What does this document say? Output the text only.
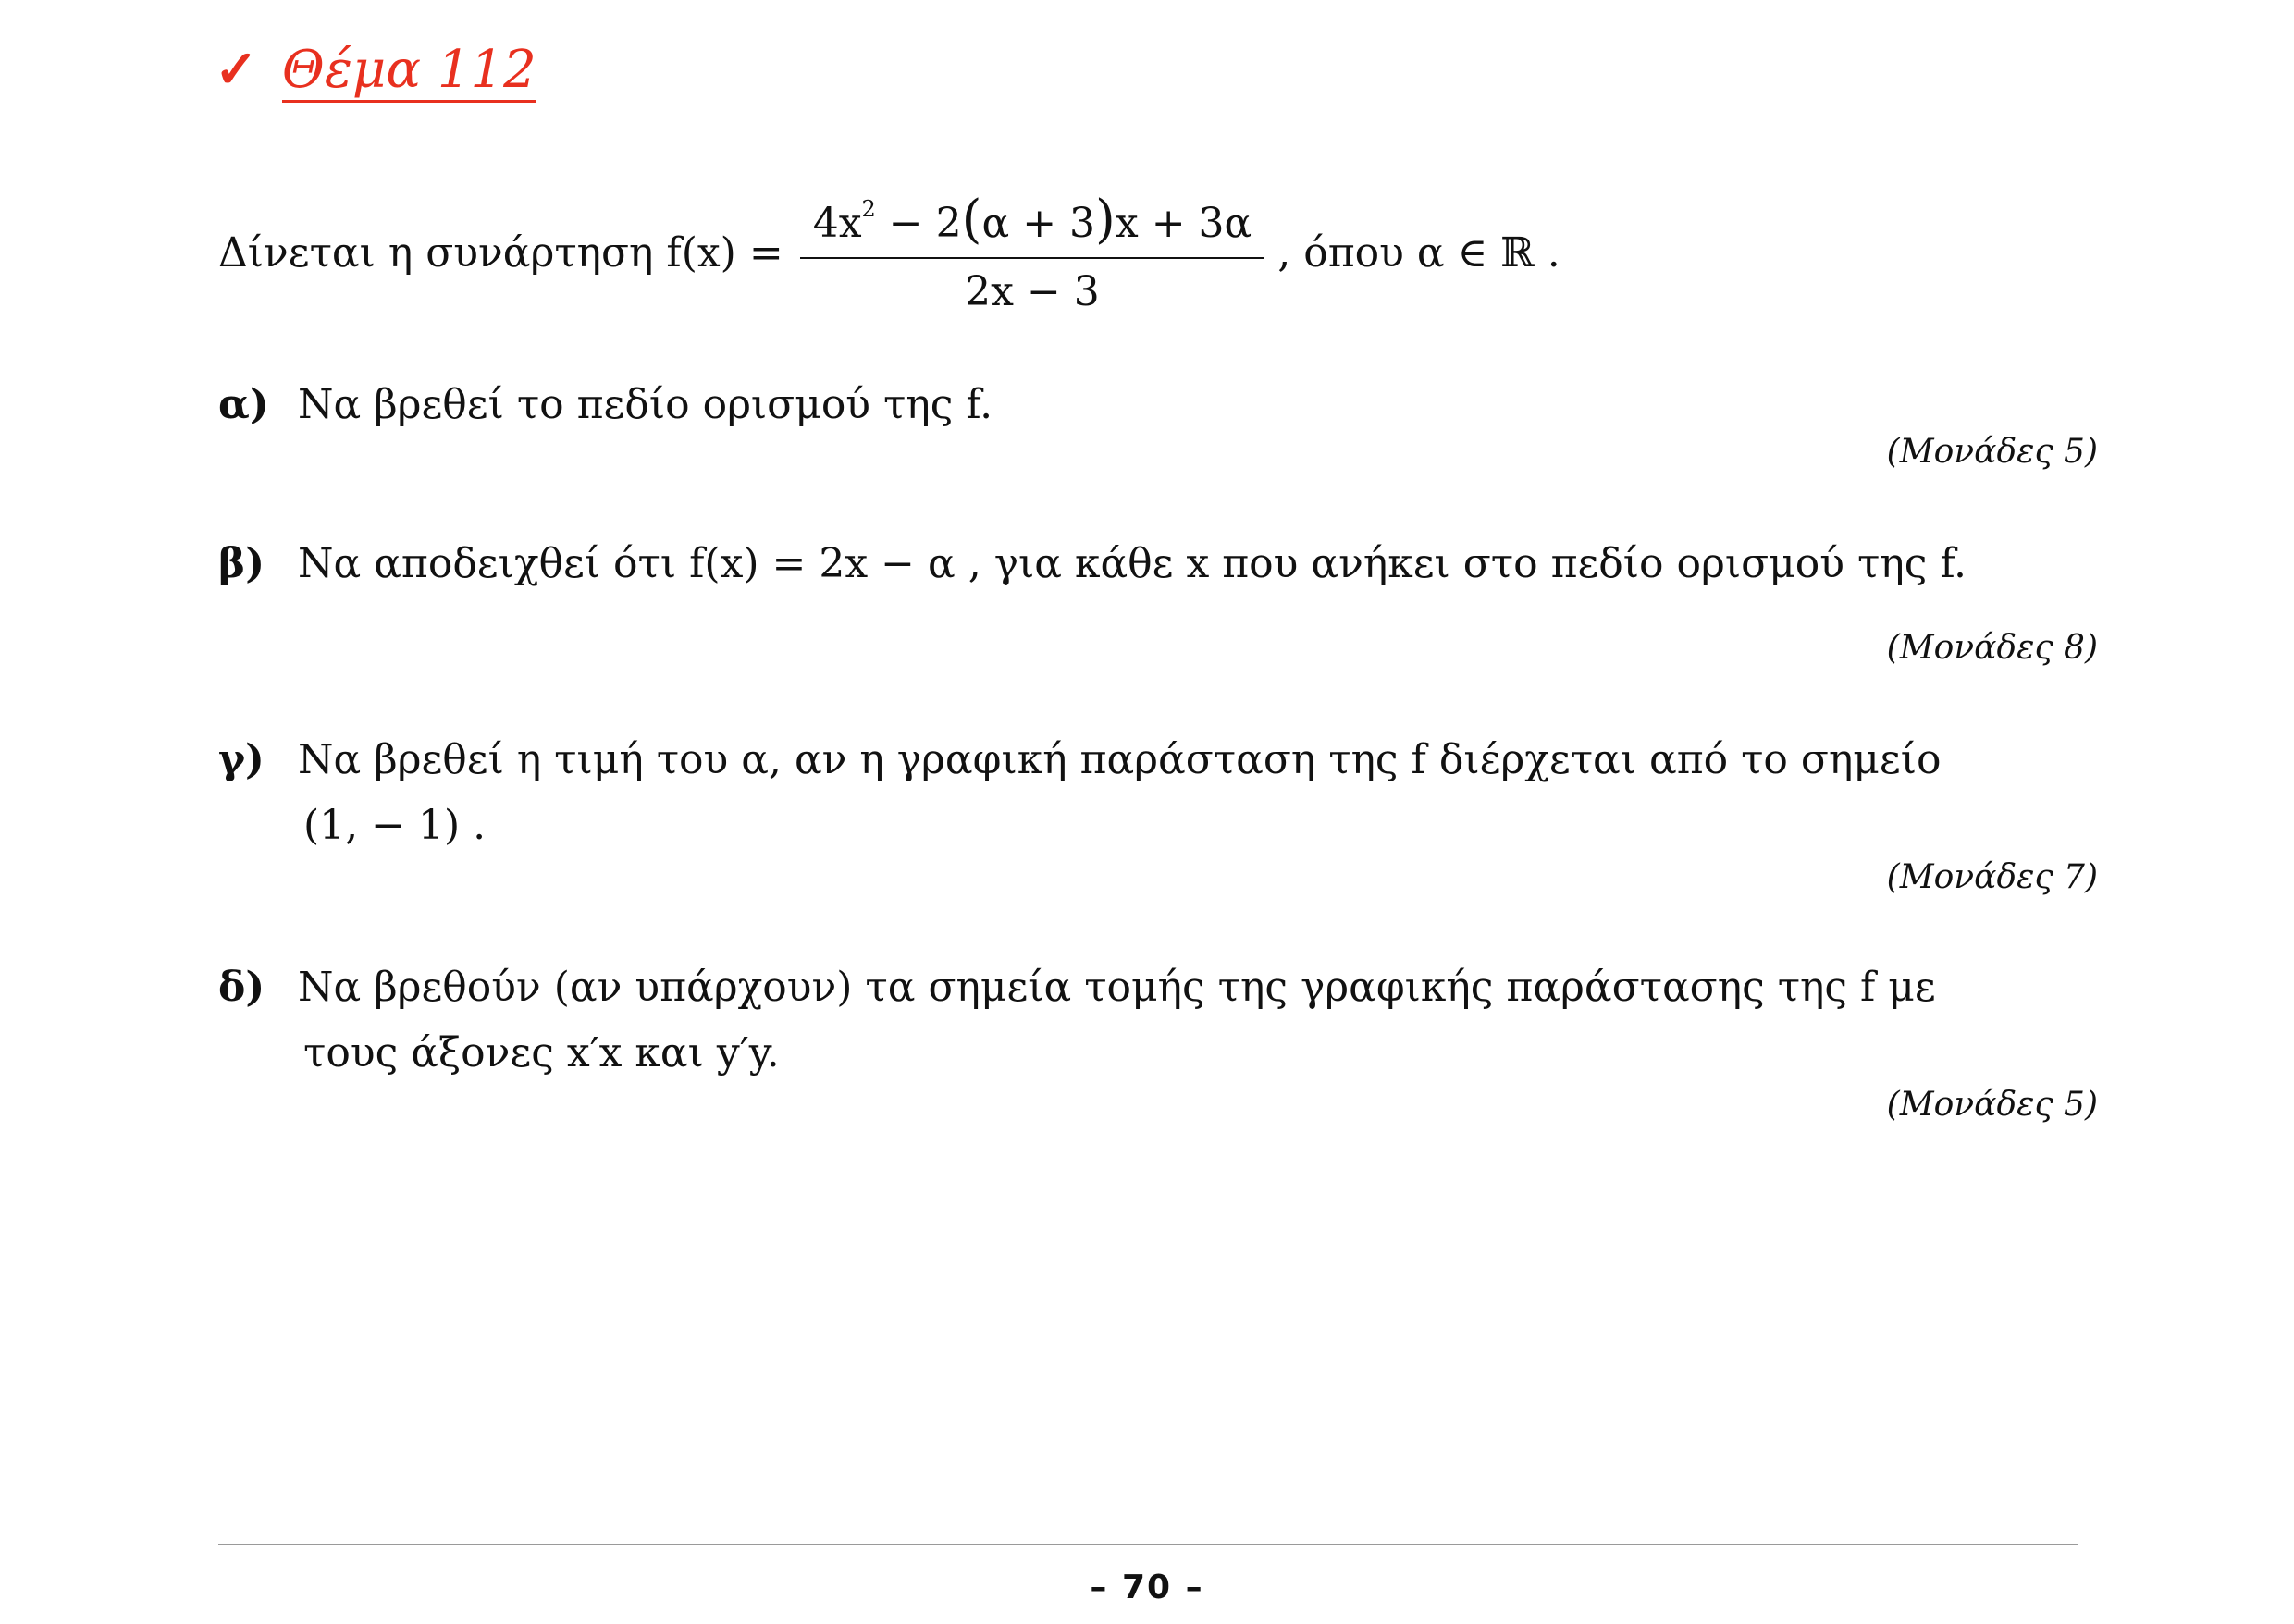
✓ Θέμα 112
Δίνεται η συνάρτηση $f(x) = \frac{4x^2 - 2(\alpha + 3)x + 3\alpha}{2x - 3}$ , όπου α ∈ ℝ .
α) Να βρεθεί το πεδίο ορισμού της f.
(Μονάδες 5)
β) Να αποδειχθεί ότι f(x) = 2x − α , για κάθε x που ανήκει στο πεδίο ορισμού της f.
(Μονάδες 8)
γ) Να βρεθεί η τιμή του α, αν η γραφική παράσταση της f διέρχεται από το σημείο
(1, − 1) .
(Μονάδες 7)
δ) Να βρεθούν (αν υπάρχουν) τα σημεία τομής της γραφικής παράστασης της f με
τους άξονες x′x και y′y.
(Μονάδες 5)
– 70 –
